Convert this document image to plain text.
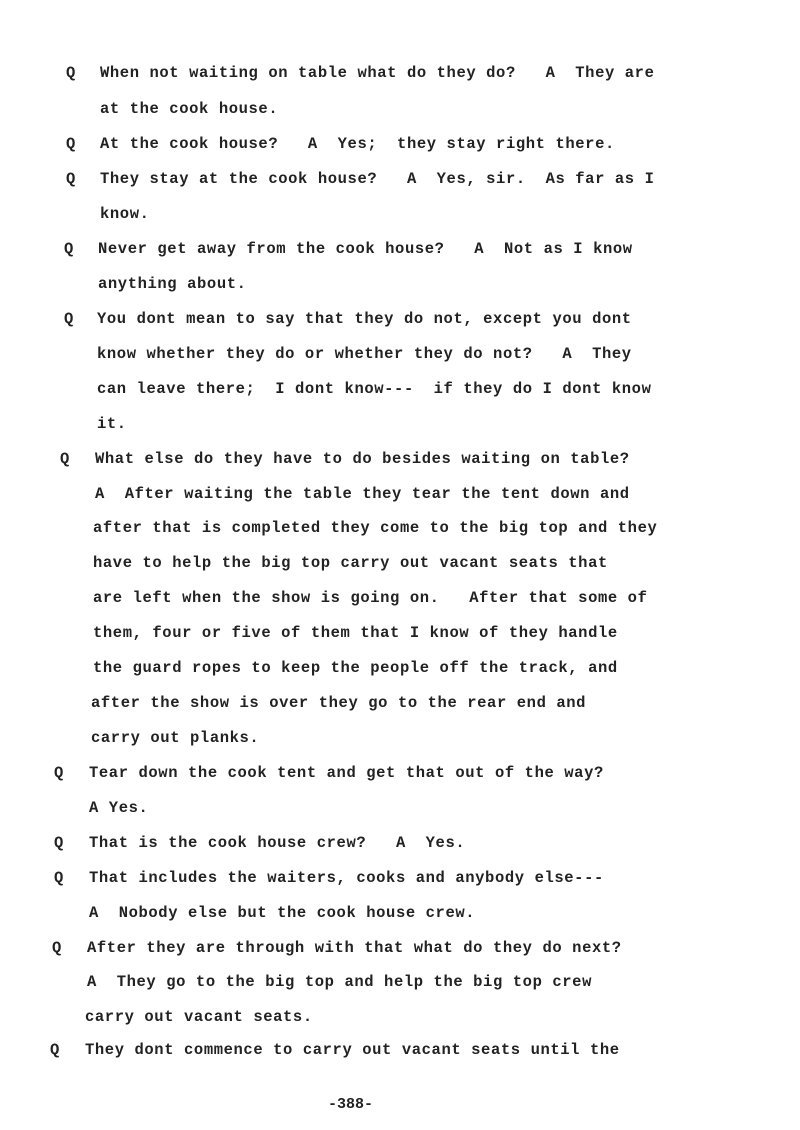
Q When not waiting on table what do they do?   A  They are
at the cook house.
Q At the cook house?   A  Yes;  they stay right there.
Q They stay at the cook house?   A  Yes, sir.  As far as I
know.
Q Never get away from the cook house?   A  Not as I know
anything about.
Q You dont mean to say that they do not, except you dont
know whether they do or whether they do not?   A  They
can leave there;  I dont know---  if they do I dont know
it.
Q What else do they have to do besides waiting on table?
A  After waiting the table they tear the tent down and
after that is completed they come to the big top and they
have to help the big top carry out vacant seats that
are left when the show is going on.   After that some of
them, four or five of them that I know of they handle
the guard ropes to keep the people off the track, and
after the show is over they go to the rear end and
carry out planks.
Q Tear down the cook tent and get that out of the way?
A Yes.
Q That is the cook house crew?   A  Yes.
Q That includes the waiters, cooks and anybody else---
A  Nobody else but the cook house crew.
Q After they are through with that what do they do next?
A  They go to the big top and help the big top crew
carry out vacant seats.
Q They dont commence to carry out vacant seats until the
-388-
